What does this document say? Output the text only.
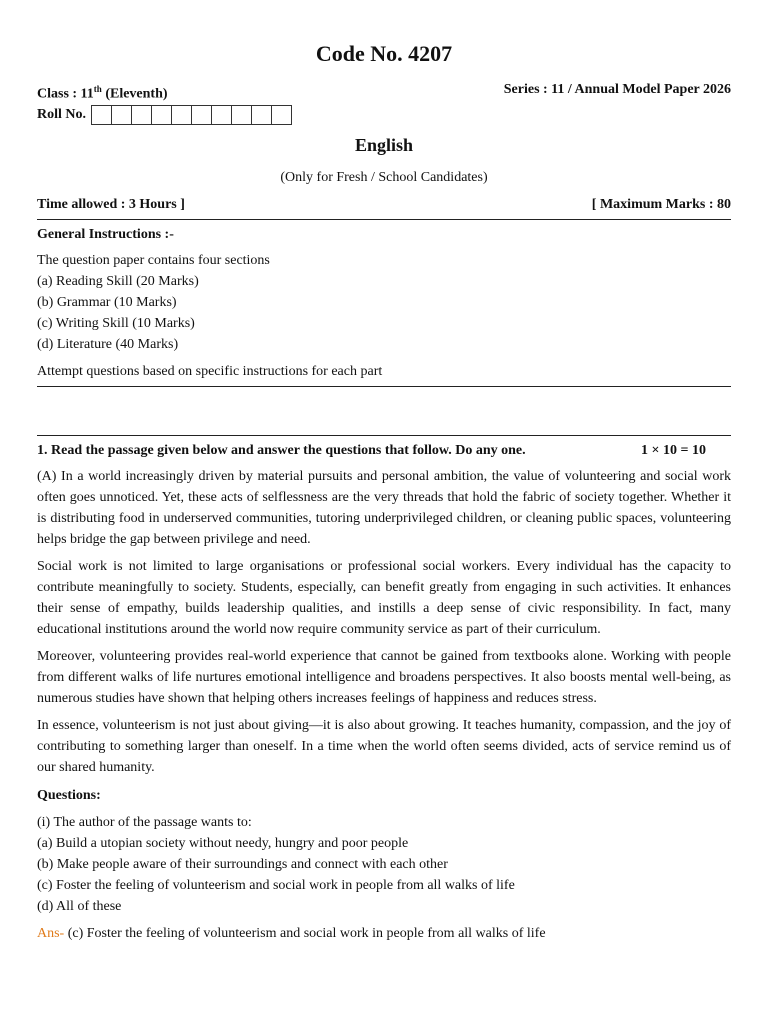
Code No. 4207
Class : 11th (Eleventh)	Series : 11 / Annual Model Paper 2026
Roll No.
English
(Only for Fresh / School Candidates)
Time allowed : 3 Hours ]	[ Maximum Marks : 80
General Instructions :-
The question paper contains four sections
(a) Reading Skill (20 Marks)
(b) Grammar (10 Marks)
(c) Writing Skill (10 Marks)
(d) Literature (40 Marks)
Attempt questions based on specific instructions for each part
1. Read the passage given below and answer the questions that follow. Do any one.	1 × 10 = 10

(A) In a world increasingly driven by material pursuits and personal ambition, the value of volunteering and social work often goes unnoticed. Yet, these acts of selflessness are the very threads that hold the fabric of society together. Whether it is distributing food in underserved communities, tutoring underprivileged children, or cleaning public spaces, volunteering helps bridge the gap between privilege and need.

Social work is not limited to large organisations or professional social workers. Every individual has the capacity to contribute meaningfully to society. Students, especially, can benefit greatly from engaging in such activities. It enhances their sense of empathy, builds leadership qualities, and instills a deep sense of civic responsibility. In fact, many educational institutions around the world now require community service as part of their curriculum.

Moreover, volunteering provides real-world experience that cannot be gained from textbooks alone. Working with people from different walks of life nurtures emotional intelligence and broadens perspectives. It also boosts mental well-being, as numerous studies have shown that helping others increases feelings of happiness and reduces stress.

In essence, volunteerism is not just about giving—it is also about growing. It teaches humanity, compassion, and the joy of contributing to something larger than oneself. In a time when the world often seems divided, acts of service remind us of our shared humanity.

Questions:
(i) The author of the passage wants to:
(a) Build a utopian society without needy, hungry and poor people
(b) Make people aware of their surroundings and connect with each other
(c) Foster the feeling of volunteerism and social work in people from all walks of life
(d) All of these
Ans- (c) Foster the feeling of volunteerism and social work in people from all walks of life
